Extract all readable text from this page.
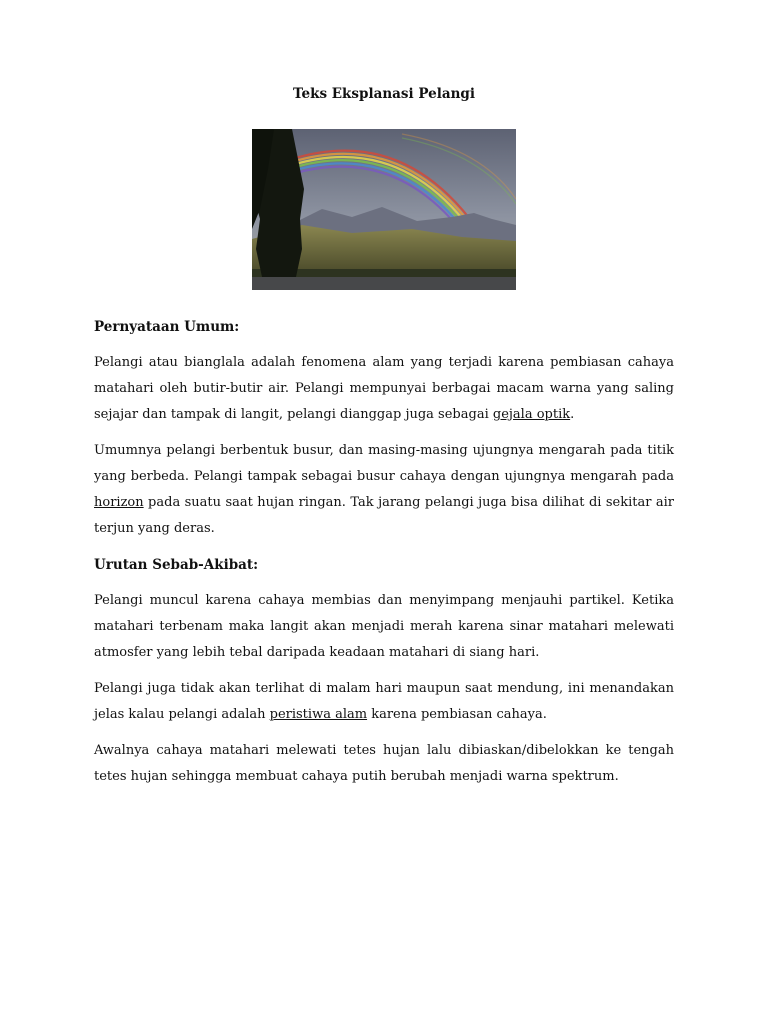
Teks Eksplanasi Pelangi
Pernyataan Umum:

Pelangi atau bianglala adalah fenomena alam yang terjadi karena pembiasan cahaya matahari oleh butir-butir air. Pelangi mempunyai berbagai macam warna yang saling sejajar dan tampak di langit, pelangi dianggap juga sebagai gejala optik.

Umumnya pelangi berbentuk busur, dan masing-masing ujungnya mengarah pada titik yang berbeda. Pelangi tampak sebagai busur cahaya dengan ujungnya mengarah pada horizon pada suatu saat hujan ringan. Tak jarang pelangi juga bisa dilihat di sekitar air terjun yang deras.

Urutan Sebab-Akibat:

Pelangi muncul karena cahaya membias dan menyimpang menjauhi partikel. Ketika matahari terbenam maka langit akan menjadi merah karena sinar matahari melewati atmosfer yang lebih tebal daripada keadaan matahari di siang hari.

Pelangi juga tidak akan terlihat di malam hari maupun saat mendung, ini menandakan jelas kalau pelangi adalah peristiwa alam karena pembiasan cahaya.

Awalnya cahaya matahari melewati tetes hujan lalu dibiaskan/dibelokkan ke tengah tetes hujan sehingga membuat cahaya putih berubah menjadi warna spektrum.
